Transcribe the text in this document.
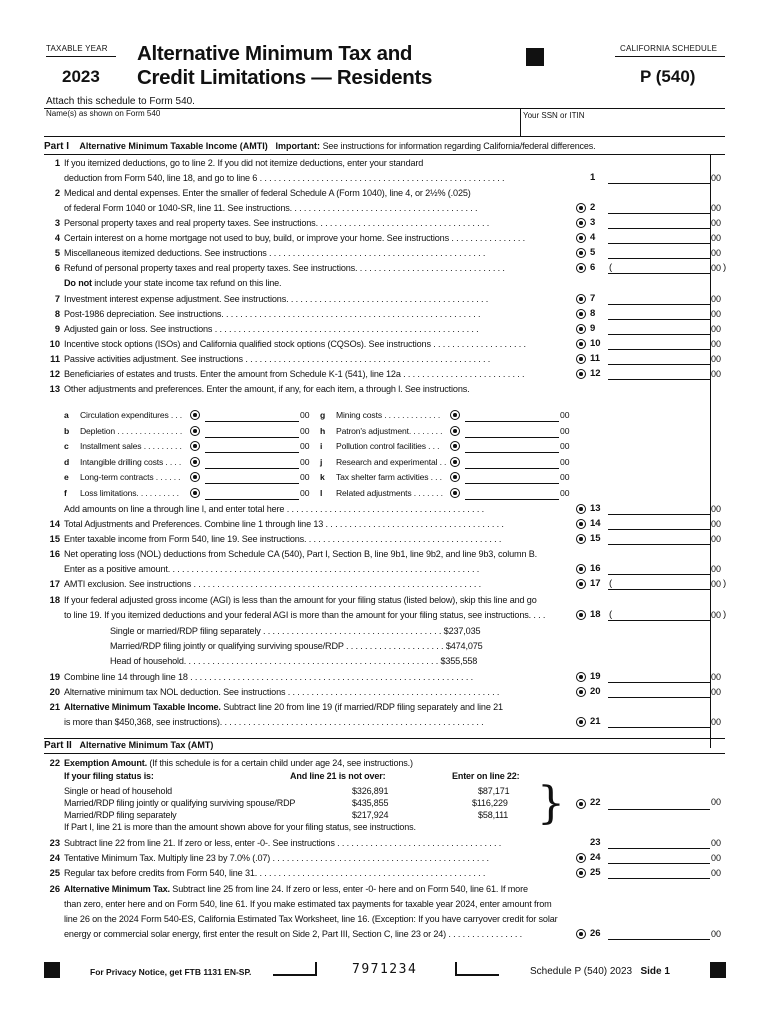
TAXABLE YEAR
2023
Alternative Minimum Tax and
Credit Limitations — Residents
CALIFORNIA SCHEDULE
P (540)
Attach this schedule to Form 540.
Name(s) as shown on Form 540	Your SSN or ITIN
Part I Alternative Minimum Taxable Income (AMTI) Important: See instructions for information regarding California/federal differences.
1 If you itemized deductions, go to line 2. If you did not itemize deductions, enter your standard
deduction from Form 540, line 18, and go to line 6 . . . . . . . . . . . . . . . . . . . . . . . . . . . . . . . . . . . . . . . . . . . . . . . . . . . .	1	00
2 Medical and dental expenses. Enter the smaller of federal Schedule A (Form 1040), line 4, or 2½% (.025)
of federal Form 1040 or 1040-SR, line 11. See instructions. . . . . . . . . . . . . . . . . . . . . . . . . . . . . . . . . . . . . . . .	2	00
3 Personal property taxes and real property taxes. See instructions. . . . . . . . . . . . . . . . . . . . . . . . . . . . . . . . . . . . .	3	00
4 Certain interest on a home mortgage not used to buy, build, or improve your home. See instructions . . . . . . . . . . . . . . . .	4	00
5 Miscellaneous itemized deductions. See instructions . . . . . . . . . . . . . . . . . . . . . . . . . . . . . . . . . . . . . . . . . . . . . .	5	00
6 Refund of personal property taxes and real property taxes. See instructions. . . . . . . . . . . . . . . . . . . . . . . . . . . . . . . .	6 (	00 )
Do not include your state income tax refund on this line.
7 Investment interest expense adjustment. See instructions. . . . . . . . . . . . . . . . . . . . . . . . . . . . . . . . . . . . . . . . . . .	7	00
8 Post-1986 depreciation. See instructions. . . . . . . . . . . . . . . . . . . . . . . . . . . . . . . . . . . . . . . . . . . . . . . . . . . . . . .	8	00
9 Adjusted gain or loss. See instructions . . . . . . . . . . . . . . . . . . . . . . . . . . . . . . . . . . . . . . . . . . . . . . . . . . . . . . . .	9	00
10 Incentive stock options (ISOs) and California qualified stock options (CQSOs). See instructions . . . . . . . . . . . . . . . . . . . .	10	00
11 Passive activities adjustment. See instructions . . . . . . . . . . . . . . . . . . . . . . . . . . . . . . . . . . . . . . . . . . . . . . . . . . . .	11	00
12 Beneficiaries of estates and trusts. Enter the amount from Schedule K-1 (541), line 12a . . . . . . . . . . . . . . . . . . . . . . . . . .	12	00
13 Other adjustments and preferences. Enter the amount, if any, for each item, a through l. See instructions.
Add amounts on line a through line l, and enter total here . . . . . . . . . . . . . . . . . . . . . . . . . . . . . . . . . . . . . . . . . .	13	00
14 Total Adjustments and Preferences. Combine line 1 through line 13 . . . . . . . . . . . . . . . . . . . . . . . . . . . . . . . . . . . . . .	14	00
15 Enter taxable income from Form 540, line 19. See instructions. . . . . . . . . . . . . . . . . . . . . . . . . . . . . . . . . . . . . . . . . .	15	00
16 Net operating loss (NOL) deductions from Schedule CA (540), Part I, Section B, line 9b1, line 9b2, and line 9b3, column B.
Enter as a positive amount. . . . . . . . . . . . . . . . . . . . . . . . . . . . . . . . . . . . . . . . . . . . . . . . . . . . . . . . . . . . . . . . . .	16	00
17 AMTI exclusion. See instructions . . . . . . . . . . . . . . . . . . . . . . . . . . . . . . . . . . . . . . . . . . . . . . . . . . . . . . . . . . . . .	17 (	00 )
18 If your federal adjusted gross income (AGI) is less than the amount for your filing status (listed below), skip this line and go
to line 19. If you itemized deductions and your federal AGI is more than the amount for your filing status, see instructions. . . .	18 (	00 )
Single or married/RDP filing separately . . . . . . . . . . . . . . . . . . . . . . . . . . . . . . . . . . . . . . $237,035
Married/RDP filing jointly or qualifying surviving spouse/RDP . . . . . . . . . . . . . . . . . . . . . $474,075
Head of household. . . . . . . . . . . . . . . . . . . . . . . . . . . . . . . . . . . . . . . . . . . . . . . . . . . . . . $355,558
19 Combine line 14 through line 18 . . . . . . . . . . . . . . . . . . . . . . . . . . . . . . . . . . . . . . . . . . . . . . . . . . . . . . . . . . . .	19	00
20 Alternative minimum tax NOL deduction. See instructions . . . . . . . . . . . . . . . . . . . . . . . . . . . . . . . . . . . . . . . . . . . . .	20	00
21 Alternative Minimum Taxable Income. Subtract line 20 from line 19 (if married/RDP filing separately and line 21
is more than $450,368, see instructions). . . . . . . . . . . . . . . . . . . . . . . . . . . . . . . . . . . . . . . . . . . . . . . . . . . . . . . .	21	00
23 Subtract line 22 from line 21. If zero or less, enter -0-. See instructions . . . . . . . . . . . . . . . . . . . . . . . . . . . . . . . . . . .	23	00
24 Tentative Minimum Tax. Multiply line 23 by 7.0% (.07) . . . . . . . . . . . . . . . . . . . . . . . . . . . . . . . . . . . . . . . . . . . . . .	24	00
25 Regular tax before credits from Form 540, line 31. . . . . . . . . . . . . . . . . . . . . . . . . . . . . . . . . . . . . . . . . . . . . . . . .	25	00
26 Alternative Minimum Tax. Subtract line 25 from line 24. If zero or less, enter -0- here and on Form 540, line 61. If more
than zero, enter here and on Form 540, line 61. If you make estimated tax payments for taxable year 2024, enter amount from
line 26 on the 2024 Form 540-ES, California Estimated Tax Worksheet, line 16. (Exception: If you have carryover credit for solar
energy or commercial solar energy, first enter the result on Side 2, Part III, Section C, line 23 or 24) . . . . . . . . . . . . . . . .	26	00
a Circulation expenditures . . .	00
b Depletion . . . . . . . . . . . . . . .	00
c Installment sales . . . . . . . . .	00
d Intangible drilling costs . . . .	00
e Long-term contracts . . . . . .	00
f Loss limitations. . . . . . . . . .	00
g Mining costs . . . . . . . . . . . . .	00
h Patron's adjustment. . . . . . . .	00
i Pollution control facilities . . .	00
j Research and experimental . .	00
k Tax shelter farm activities . . .	00
l Related adjustments . . . . . . .	00
For Privacy Notice, get FTB 1131 EN-SP.	7971234	Schedule P (540) 2023 Side 1
Part II Alternative Minimum Tax (AMT)
22 Exemption Amount. (If this schedule is for a certain child under age 24, see instructions.)
If your filing status is:	And line 21 is not over:	Enter on line 22:
Single or head of household	$326,891	$87,171
Married/RDP filing jointly or qualifying surviving spouse/RDP	$435,855	$116,229
Married/RDP filing separately	$217,924	$58,111
If Part I, line 21 is more than the amount shown above for your filing status, see instructions.	}	22	00
